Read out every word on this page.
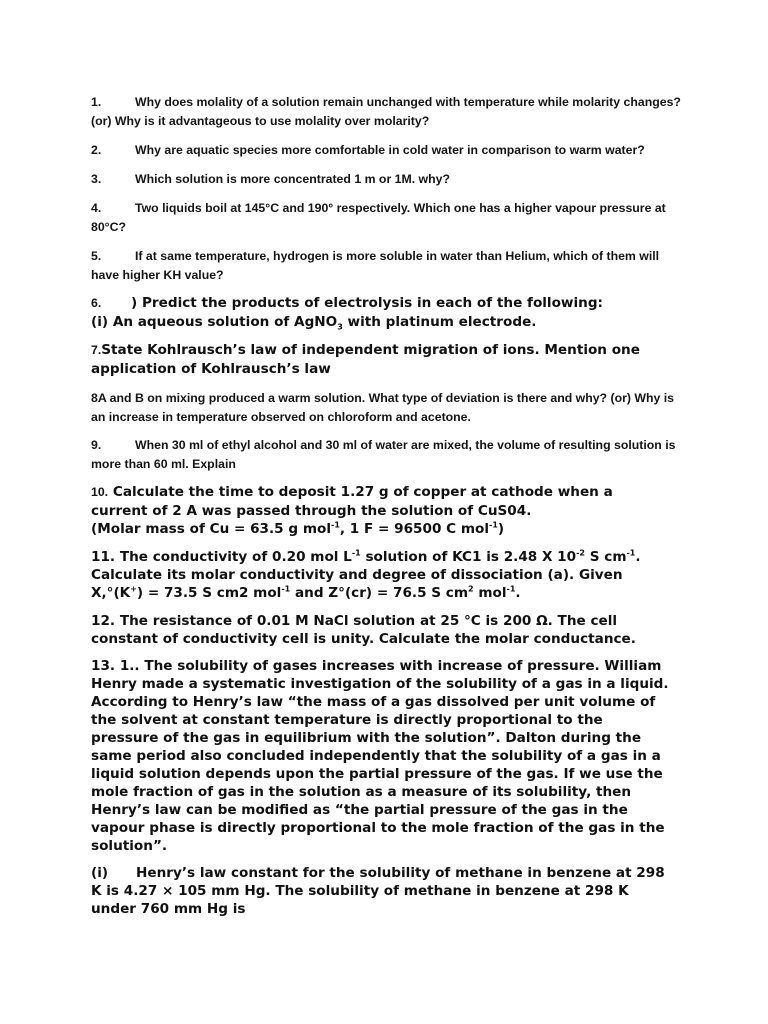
1.	Why does molality of a solution remain unchanged with temperature while molarity changes?
(or) Why is it advantageous to use molality over molarity?
2.	Why are aquatic species more comfortable in cold water in comparison to warm water?
3.	Which solution is more concentrated 1 m or 1M. why?
4.	Two liquids boil at 145°C and 190° respectively. Which one has a higher vapour pressure at
80°C?
5.	If at same temperature, hydrogen is more soluble in water than Helium, which of them will
have higher KH value?
6. ) Predict the products of electrolysis in each of the following:
(i) An aqueous solution of AgNO$_3$ with platinum electrode.
7.State Kohlrausch’s law of independent migration of ions. Mention one
application of Kohlrausch’s law
8A and B on mixing produced a warm solution. What type of deviation is there and why? (or) Why is
an increase in temperature observed on chloroform and acetone.
9.	When 30 ml of ethyl alcohol and 30 ml of water are mixed, the volume of resulting solution is
more than 60 ml. Explain
10. Calculate the time to deposit 1.27 g of copper at cathode when a
current of 2 A was passed through the solution of CuS04.
(Molar mass of Cu = 63.5 g mol$^{-1}$, 1 F = 96500 C mol$^{-1}$)
11. The conductivity of 0.20 mol $L^{-1}$ solution of KC1 is 2.48 X $10^{-2}$ S $cm^{-1}$.
Calculate its molar conductivity and degree of dissociation (a). Given
X,°(K+) = 73.5 S cm2 mol$^{-1}$ and Z°(cr) = 76.5 S $cm^2$ mol$^{-1}$.
12. The resistance of 0.01 M NaCl solution at 25 °C is 200 Ω. The cell
constant of conductivity cell is unity. Calculate the molar conductance.
13. 1.. The solubility of gases increases with increase of pressure. William
Henry made a systematic investigation of the solubility of a gas in a liquid.
According to Henry’s law “the mass of a gas dissolved per unit volume of
the solvent at constant temperature is directly proportional to the
pressure of the gas in equilibrium with the solution”. Dalton during the
same period also concluded independently that the solubility of a gas in a
liquid solution depends upon the partial pressure of the gas. If we use the
mole fraction of gas in the solution as a measure of its solubility, then
Henry’s law can be modified as “the partial pressure of the gas in the
vapour phase is directly proportional to the mole fraction of the gas in the
solution”.
(i) Henry’s law constant for the solubility of methane in benzene at 298
K is 4.27 × 105 mm Hg. The solubility of methane in benzene at 298 K
under 760 mm Hg is
